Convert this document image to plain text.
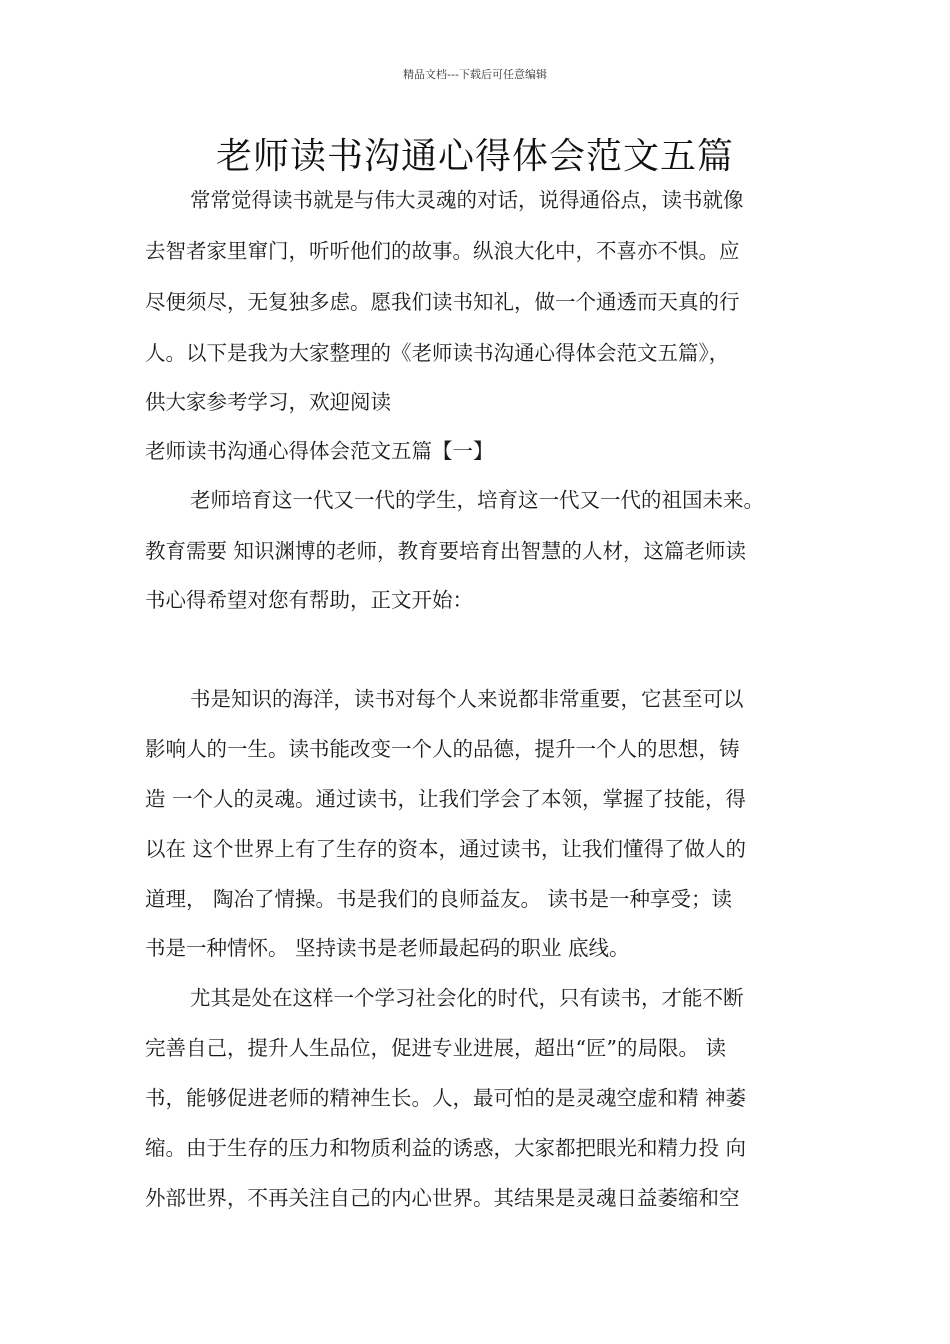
精品文档---下载后可任意编辑
老师读书沟通心得体会范文五篇
常常觉得读书就是与伟大灵魂的对话，说得通俗点，读书就像
去智者家里窜门，听听他们的故事。纵浪大化中，不喜亦不惧。应
尽便须尽，无复独多虑。愿我们读书知礼，做一个通透而天真的行
人。以下是我为大家整理的《老师读书沟通心得体会范文五篇》，
供大家参考学习，欢迎阅读
老师读书沟通心得体会范文五篇【一】
老师培育这一代又一代的学生，培育这一代又一代的祖国未来。
教育需要 知识渊博的老师，教育要培育出智慧的人材，这篇老师读
书心得希望对您有帮助，正文开始：
书是知识的海洋，读书对每个人来说都非常重要，它甚至可以
影响人的一生。读书能改变一个人的品德，提升一个人的思想，铸
造 一个人的灵魂。通过读书，让我们学会了本领，掌握了技能，得
以在 这个世界上有了生存的资本，通过读书，让我们懂得了做人的
道理， 陶冶了情操。书是我们的良师益友。 读书是一种享受；读
书是一种情怀。 坚持读书是老师最起码的职业 底线。
尤其是处在这样一个学习社会化的时代，只有读书，才能不断
完善自己，提升人生品位，促进专业进展，超出“匠”的局限。 读
书，能够促进老师的精神生长。人，最可怕的是灵魂空虚和精 神萎
缩。由于生存的压力和物质利益的诱惑，大家都把眼光和精力投 向
外部世界，不再关注自己的内心世界。其结果是灵魂日益萎缩和空
